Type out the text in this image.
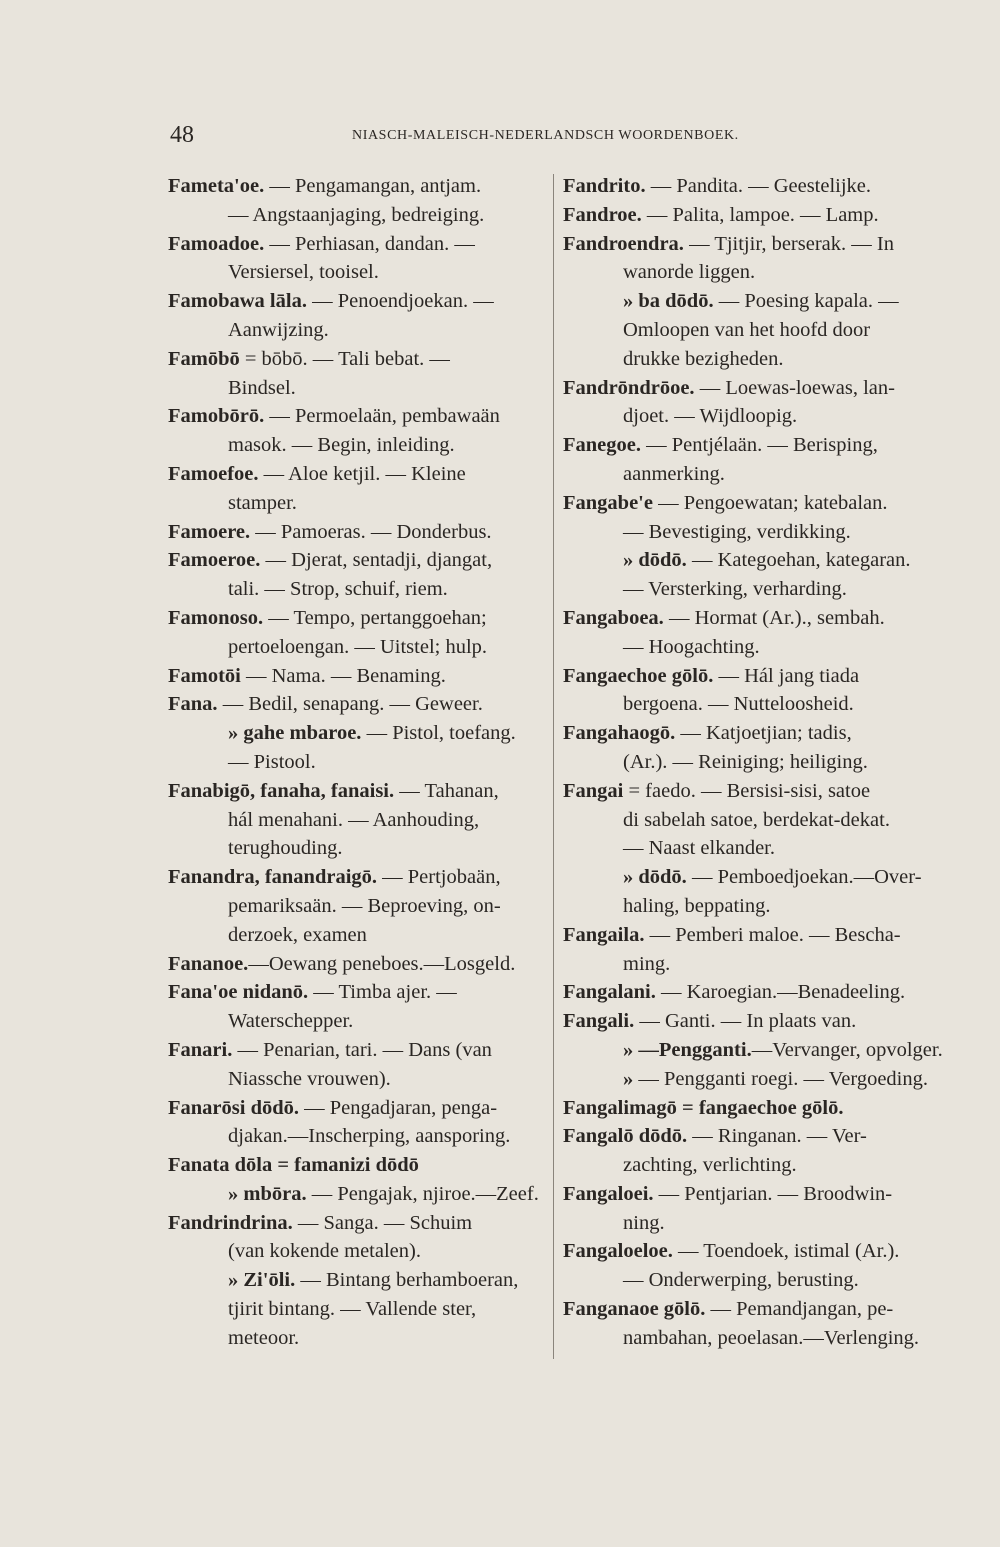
48	NIASCH-MALEISCH-NEDERLANDSCH WOORDENBOEK.
Fameta'oe. — Pengamangan, antjam.
— Angstaanjaging, bedreiging.
Famoadoe. — Perhiasan, dandan. —
Versiersel, tooisel.
Famobawa lāla. — Penoendjoekan. —
Aanwijzing.
Famōbō = bōbō. — Tali bebat. —
Bindsel.
Famobōrō. — Permoelaän, pembawaän
masok. — Begin, inleiding.
Famoefoe. — Aloe ketjil. — Kleine
stamper.
Famoere. — Pamoeras. — Donderbus.
Famoeroe. — Djerat, sentadji, djangat,
tali. — Strop, schuif, riem.
Famonoso. — Tempo, pertanggoehan;
pertoeloengan. — Uitstel; hulp.
Famotōi — Nama. — Benaming.
Fana. — Bedil, senapang. — Geweer.
» gahe mbaroe. — Pistol, toefang.
— Pistool.
Fanabigō, fanaha, fanaisi. — Tahanan,
hál menahani. — Aanhouding,
terughouding.
Fanandra, fanandraigō. — Pertjobaän,
pemariksaän. — Beproeving, on-
derzoek, examen
Fananoe.—Oewang peneboes.—Losgeld.
Fana'oe nidanō. — Timba ajer. —
Waterschepper.
Fanari. — Penarian, tari. — Dans (van
Niassche vrouwen).
Fanarōsi dōdō. — Pengadjaran, penga-
djakan.—Inscherping, aansporing.
Fanata dōla = famanizi dōdō
» mbōra. — Pengajak, njiroe.—Zeef.
Fandrindrina. — Sanga. — Schuim
(van kokende metalen).
» Zi'ōli. — Bintang berhamboeran,
tjirit bintang. — Vallende ster,
meteoor.
Fandrito. — Pandita. — Geestelijke.
Fandroe. — Palita, lampoe. — Lamp.
Fandroendra. — Tjitjir, berserak. — In
wanorde liggen.
» ba dōdō. — Poesing kapala. —
Omloopen van het hoofd door
drukke bezigheden.
Fandrōndrōoe. — Loewas-loewas, lan-
djoet. — Wijdloopig.
Fanegoe. — Pentjélaän. — Berisping,
aanmerking.
Fangabe'e — Pengoewatan; katebalan.
— Bevestiging, verdikking.
» dōdō. — Kategoehan, kategaran.
— Versterking, verharding.
Fangaboea. — Hormat (Ar.)., sembah.
— Hoogachting.
Fangaechoe gōlō. — Hál jang tiada
bergoena. — Nutteloosheid.
Fangahaogō. — Katjoetjian; tadis,
(Ar.). — Reiniging; heiliging.
Fangai = faedo. — Bersisi-sisi, satoe
di sabelah satoe, berdekat-dekat.
— Naast elkander.
» dōdō. — Pemboedjoekan.—Over-
haling, bepрating.
Fangaila. — Pemberi maloe. — Bescha-
ming.
Fangalani. — Karoegian.—Benadeeling.
Fangali. — Ganti. — In plaats van.
» —Pengganti.—Vervanger, opvolger.
» — Pengganti roegi. — Vergoeding.
Fangalimagō = fangaechoe gōlō.
Fangalō dōdō. — Ringanan. — Ver-
zachting, verlichting.
Fangaloei. — Pentjarian. — Broodwin-
ning.
Fangaloeloe. — Toendoek, istimal (Ar.).
— Onderwerping, berusting.
Fanganaoe gōlō. — Pemandjangan, pe-
nambahan, peoelasan.—Verlenging.
